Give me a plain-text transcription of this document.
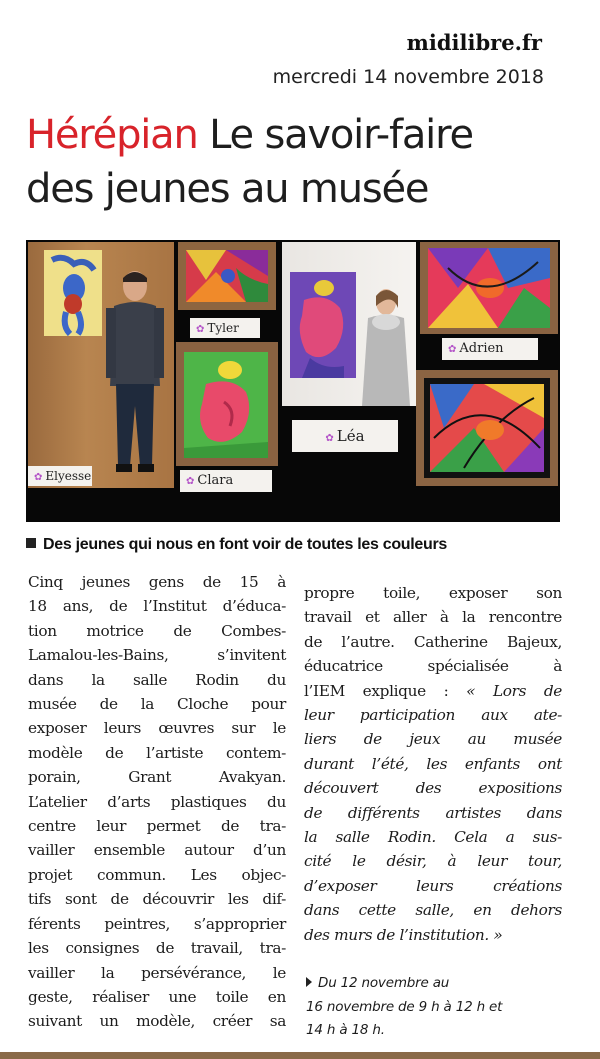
midilibre.fr
mercredi 14 novembre 2018
Hérépian Le savoir-faire
des jeunes au musée
✿ Elyesse
✿ Tyler
✿ Clara
✿ Léa
✿ Adrien
Des jeunes qui nous en font voir de toutes les couleurs
Cinq jeunes gens de 15 à
18 ans, de l’Institut d’éduca-
tion motrice de Combes-
Lamalou-les-Bains, s’invitent
dans la salle Rodin du
musée de la Cloche pour
exposer leurs œuvres sur le
modèle de l’artiste contem-
porain, Grant Avakyan.
L’atelier d’arts plastiques du
centre leur permet de tra-
vailler ensemble autour d’un
projet commun. Les objec-
tifs sont de découvrir les dif-
férents peintres, s’approprier
les consignes de travail, tra-
vailler la persévérance, le
geste, réaliser une toile en
suivant un modèle, créer sa
propre toile, exposer son
travail et aller à la rencontre
de l’autre. Catherine Bajeux,
éducatrice spécialisée à
l’IEM explique : « Lors de
leur participation aux ate-
liers de jeux au musée
durant l’été, les enfants ont
découvert des expositions
de différents artistes dans
la salle Rodin. Cela a sus-
cité le désir, à leur tour,
d’exposer leurs créations
dans cette salle, en dehors
des murs de l’institution. »
Du 12 novembre au
16 novembre de 9 h à 12 h et
14 h à 18 h.
